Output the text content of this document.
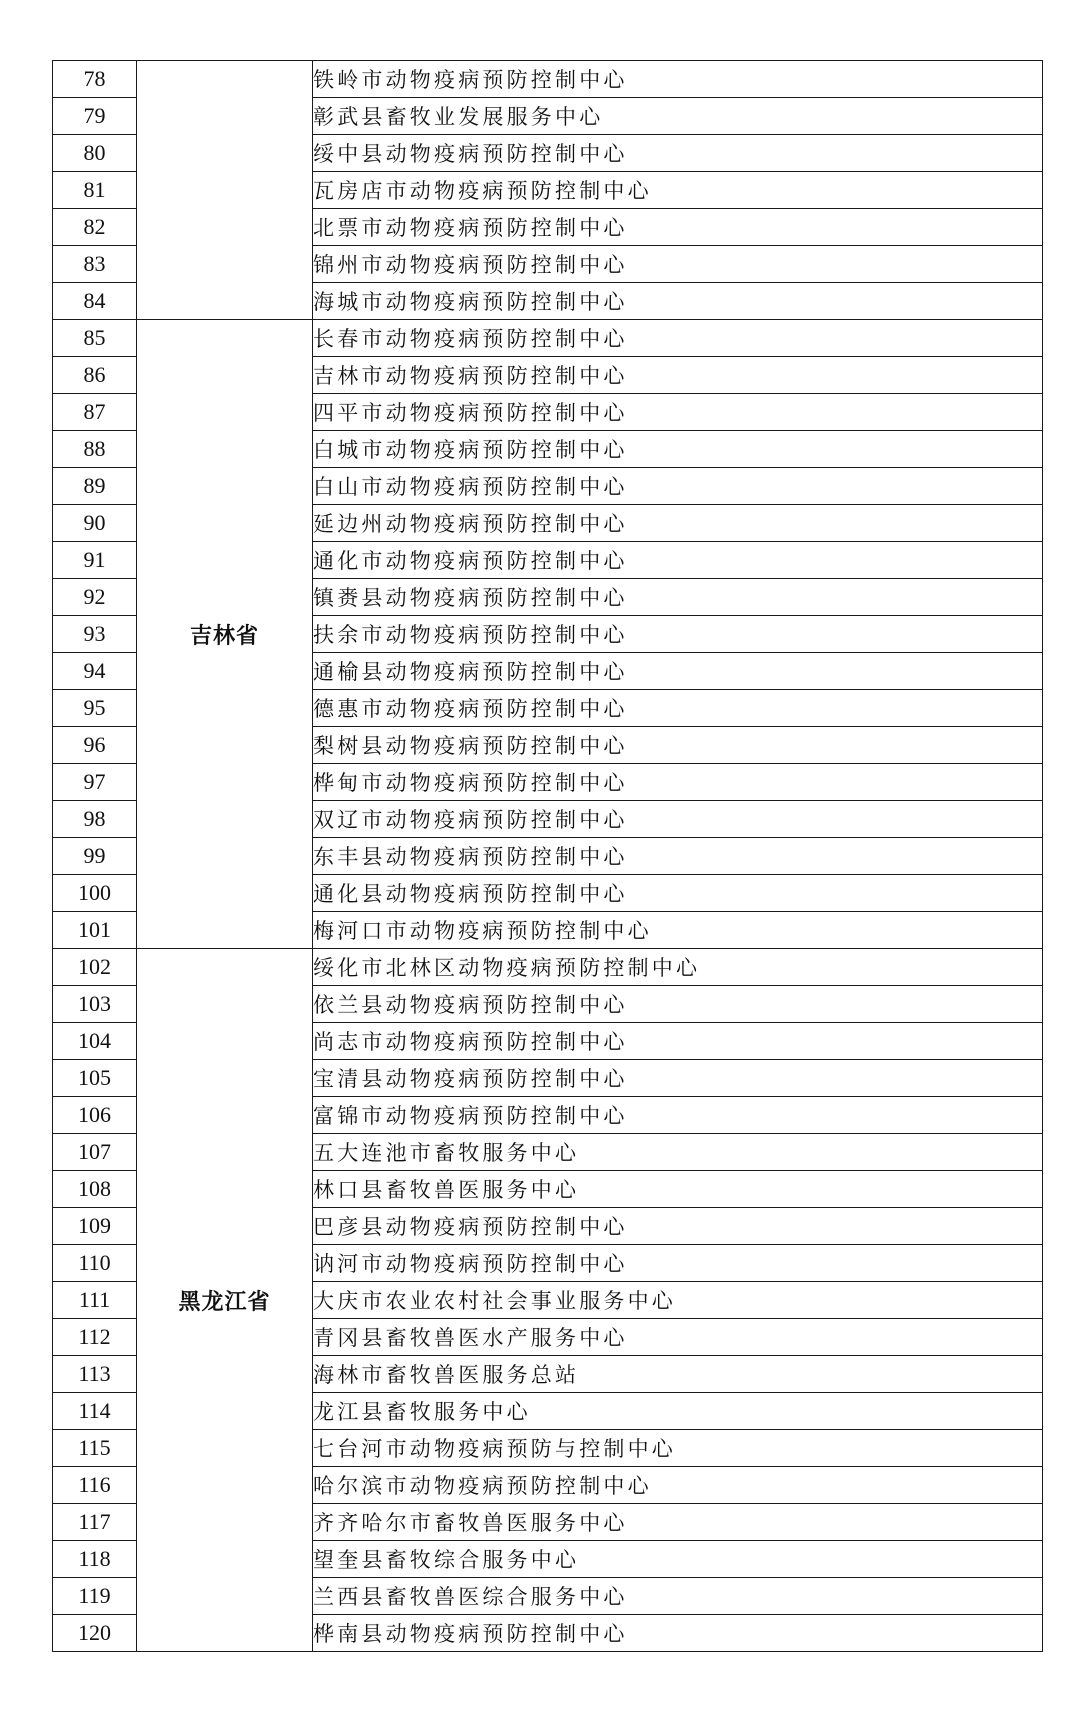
78		铁岭市动物疫病预防控制中心
79		彰武县畜牧业发展服务中心
80		绥中县动物疫病预防控制中心
81		瓦房店市动物疫病预防控制中心
82		北票市动物疫病预防控制中心
83		锦州市动物疫病预防控制中心
84		海城市动物疫病预防控制中心
85	吉林省	长春市动物疫病预防控制中心
86		吉林市动物疫病预防控制中心
87		四平市动物疫病预防控制中心
88		白城市动物疫病预防控制中心
89		白山市动物疫病预防控制中心
90		延边州动物疫病预防控制中心
91		通化市动物疫病预防控制中心
92		镇赉县动物疫病预防控制中心
93		扶余市动物疫病预防控制中心
94		通榆县动物疫病预防控制中心
95		德惠市动物疫病预防控制中心
96		梨树县动物疫病预防控制中心
97		桦甸市动物疫病预防控制中心
98		双辽市动物疫病预防控制中心
99		东丰县动物疫病预防控制中心
100		通化县动物疫病预防控制中心
101		梅河口市动物疫病预防控制中心
102	黑龙江省	绥化市北林区动物疫病预防控制中心
103		依兰县动物疫病预防控制中心
104		尚志市动物疫病预防控制中心
105		宝清县动物疫病预防控制中心
106		富锦市动物疫病预防控制中心
107		五大连池市畜牧服务中心
108		林口县畜牧兽医服务中心
109		巴彦县动物疫病预防控制中心
110		讷河市动物疫病预防控制中心
111		大庆市农业农村社会事业服务中心
112		青冈县畜牧兽医水产服务中心
113		海林市畜牧兽医服务总站
114		龙江县畜牧服务中心
115		七台河市动物疫病预防与控制中心
116		哈尔滨市动物疫病预防控制中心
117		齐齐哈尔市畜牧兽医服务中心
118		望奎县畜牧综合服务中心
119		兰西县畜牧兽医综合服务中心
120		桦南县动物疫病预防控制中心
